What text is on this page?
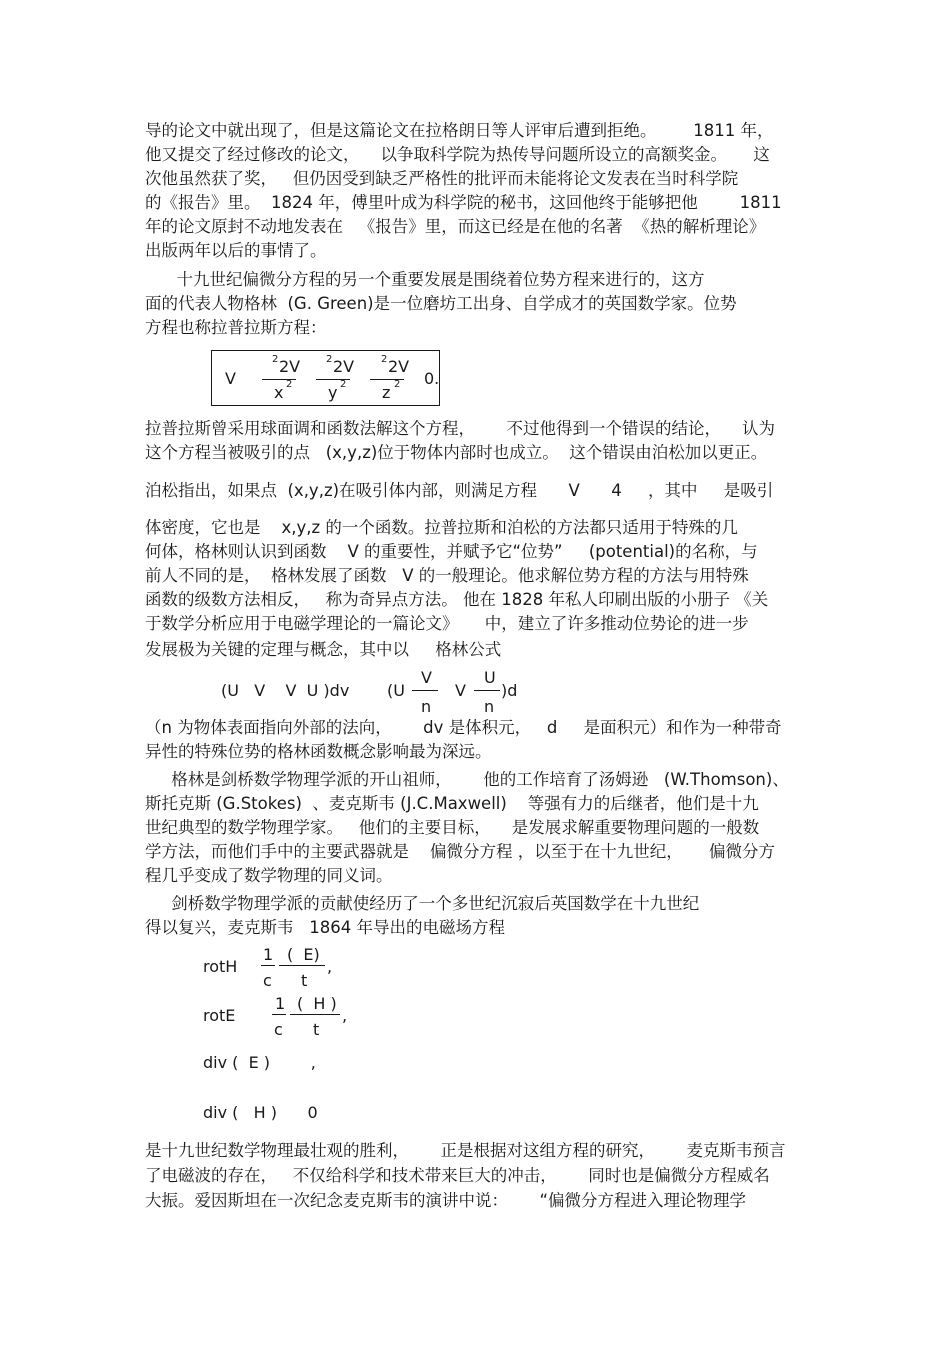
导的论文中就出现了，但是这篇论文在拉格朗日等人评审后遭到拒绝。       1811 年，
他又提交了经过修改的论文，    以争取科学院为热传导问题所设立的高额奖金。     这
次他虽然获了奖，   但仍因受到缺乏严格性的批评而未能将论文发表在当时科学院
的《报告》里。  1824 年，傅里叶成为科学院的秘书，这回他终于能够把他        1811
年的论文原封不动地发表在   《报告》里，而这已经是在他的名著  《热的解析理论》
出版两年以后的事情了。
十九世纪偏微分方程的另一个重要发展是围绕着位势方程来进行的，这方
面的代表人物格林  (G. Green)是一位磨坊工出身、自学成才的英国数学家。位势
方程也称拉普拉斯方程：
V
2 2V
x 2
2 2V
y 2
2 2V
z 2 0.
拉普拉斯曾采用球面调和函数法解这个方程，      不过他得到一个错误的结论，    认为
这个方程当被吸引的点   (x,y,z)位于物体内部时也成立。  这个错误由泊松加以更正。
泊松指出，如果点  (x,y,z)在吸引体内部，则满足方程      V      4     ，其中     是吸引
体密度，它也是    x,y,z 的一个函数。拉普拉斯和泊松的方法都只适用于特殊的几
何体，格林则认识到函数    V 的重要性，并赋予它“位势”     (potential)的名称，与
前人不同的是，  格林发展了函数   V 的一般理论。他求解位势方程的方法与用特殊
函数的级数方法相反，   称为奇异点方法。 他在 1828 年私人印刷出版的小册子 《关
于数学分析应用于电磁学理论的一篇论文》     中，建立了许多推动位势论的进一步
发展极为关键的定理与概念，其中以     格林公式
(U   V    V  U )dv (U
V
n
V
U
n
)d
（n 为物体表面指向外部的法向，      dv 是体积元，   d     是面积元）和作为一种带奇
异性的特殊位势的格林函数概念影响最为深远。
格林是剑桥数学物理学派的开山祖师，      他的工作培育了汤姆逊   (W.Thomson)、
斯托克斯 (G.Stokes)  、麦克斯韦 (J.C.Maxwell)    等强有力的后继者，他们是十九
世纪典型的数学物理学家。   他们的主要目标，    是发展求解重要物理问题的一般数
学方法，而他们手中的主要武器就是    偏微分方程 ，以至于在十九世纪，     偏微分方
程几乎变成了数学物理的同义词。
剑桥数学物理学派的贡献使经历了一个多世纪沉寂后英国数学在十九世纪
得以复兴，麦克斯韦   1864 年导出的电磁场方程
rotH
1
c
(  E)
t
,
rotE
1
c
(  H )
t
,
div (  E )        ,
div (   H )      0
是十九世纪数学物理最壮观的胜利，      正是根据对这组方程的研究，      麦克斯韦预言
了电磁波的存在，   不仅给科学和技术带来巨大的冲击，      同时也是偏微分方程威名
大振。爱因斯坦在一次纪念麦克斯韦的演讲中说：      “偏微分方程进入理论物理学
